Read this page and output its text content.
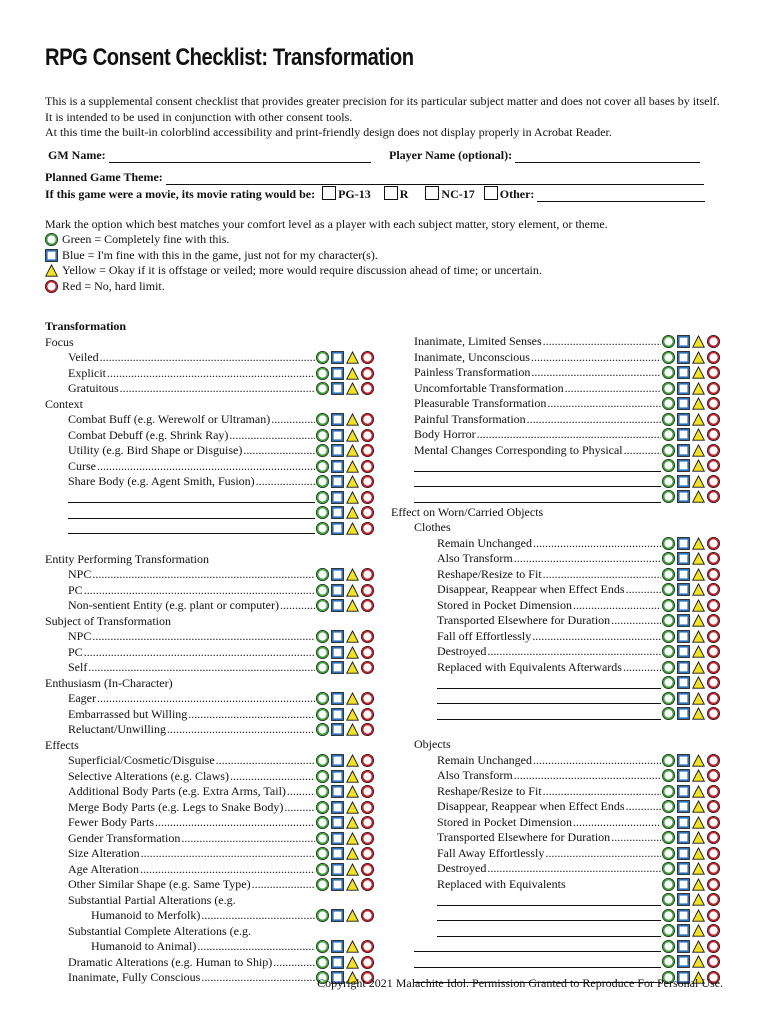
RPG Consent Checklist: Transformation
This is a supplemental consent checklist that provides greater precision for its particular subject matter and does not cover all bases by itself. It is intended to be used in conjunction with other consent tools.
At this time the built-in colorblind accessibility and print-friendly design does not display properly in Acrobat Reader.
GM Name:	Player Name (optional):
Planned Game Theme:
If this game were a movie, its movie rating would be: PG-13 R	NC-17 Other:
Mark the option which best matches your comfort level as a player with each subject matter, story element, or theme.
Green = Completely fine with this.
Blue = I'm fine with this in the game, just not for my character(s).
Yellow = Okay if it is offstage or veiled; more would require discussion ahead of time; or uncertain.
Red = No, hard limit.
Transformation
Focus
Veiled
.....
Explicit
.....
Gratuitous
.....
Context
Combat Buff (e.g. Werewolf or Ultraman)
.....
Combat Debuff (e.g. Shrink Ray)
.....
Utility (e.g. Bird Shape or Disguise)
.....
Curse
.....
Share Body (e.g. Agent Smith, Fusion)
.....
Entity Performing Transformation
NPC
.....
PC
.....
Non-sentient Entity (e.g. plant or computer)
.....
Subject of Transformation
NPC
.....
PC
.....
Self
.....
Enthusiasm (In-Character)
Eager
.....
Embarrassed but Willing
.....
Reluctant/Unwilling
.....
Effects
Superficial/Cosmetic/Disguise
.....
Selective Alterations (e.g. Claws)
.....
Additional Body Parts (e.g. Extra Arms, Tail)
.....
Merge Body Parts (e.g. Legs to Snake Body)
.....
Fewer Body Parts
.....
Gender Transformation
.....
Size Alteration
.....
Age Alteration
.....
Other Similar Shape (e.g. Same Type)
.....
Substantial Partial Alterations (e.g.
Humanoid to Merfolk)
.....
Substantial Complete Alterations (e.g.
Humanoid to Animal)
.....
Dramatic Alterations (e.g. Human to Ship)
.....
Inanimate, Fully Conscious
.....
Inanimate, Limited Senses
.....
Inanimate, Unconscious
.....
Painless Transformation
.....
Uncomfortable Transformation
.....
Pleasurable Transformation
.....
Painful Transformation
.....
Body Horror
.....
Mental Changes Corresponding to Physical
.....
Effect on Worn/Carried Objects
Clothes
Remain Unchanged
.....
Also Transform
.....
Reshape/Resize to Fit
.....
Disappear, Reappear when Effect Ends
.....
Stored in Pocket Dimension
.....
Transported Elsewhere for Duration
.....
Fall off Effortlessly
.....
Destroyed
.....
Replaced with Equivalents Afterwards
.....
Objects
Remain Unchanged
.....
Also Transform
.....
Reshape/Resize to Fit
.....
Disappear, Reappear when Effect Ends
.....
Stored in Pocket Dimension
.....
Transported Elsewhere for Duration
.....
Fall Away Effortlessly
.....
Destroyed
.....
Replaced with Equivalents
Copyright 2021 Malachite Idol. Permission Granted to Reproduce For Personal Use.
